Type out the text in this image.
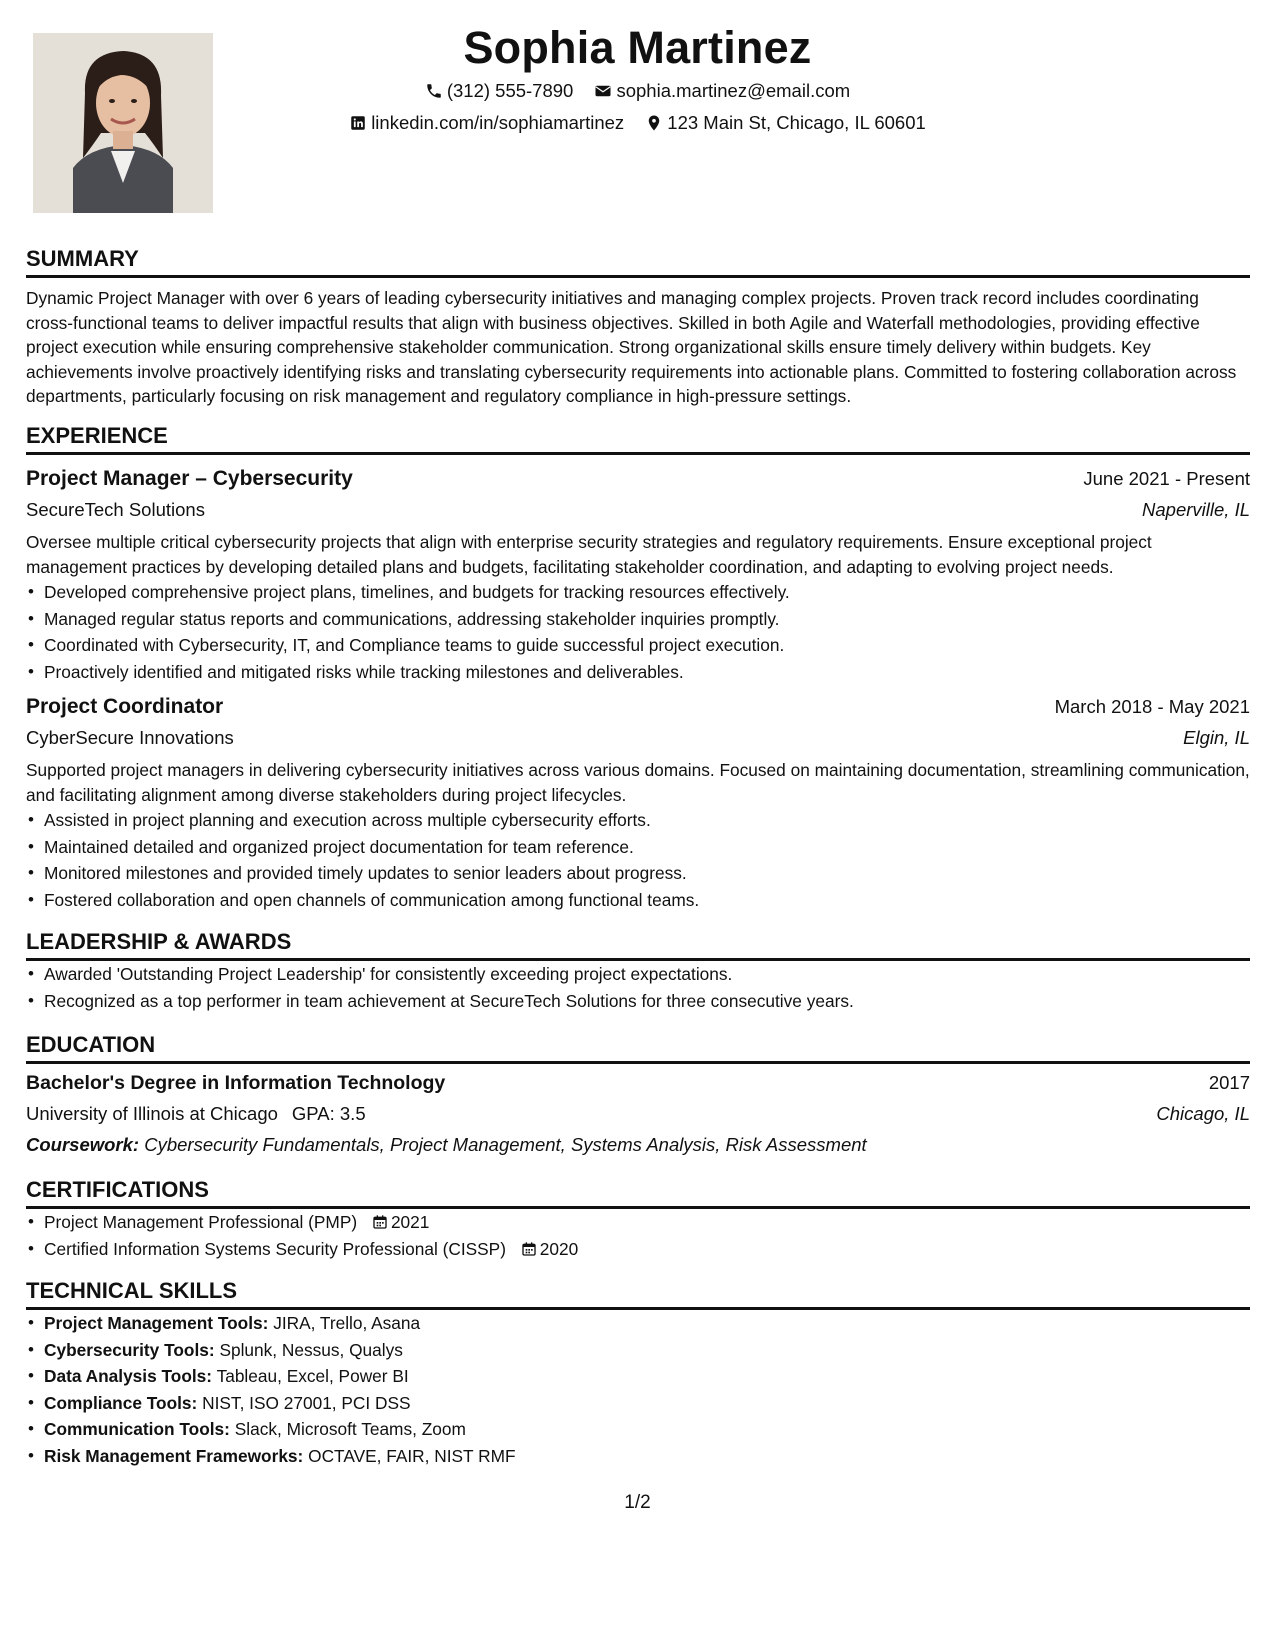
Sophia Martinez
(312) 555-7890
sophia.martinez@email.com
linkedin.com/in/sophiamartinez
123 Main St, Chicago, IL 60601
SUMMARY

Dynamic Project Manager with over 6 years of leading cybersecurity initiatives and managing complex projects. Proven track record includes coordinating cross-functional teams to deliver impactful results that align with business objectives. Skilled in both Agile and Waterfall methodologies, providing effective project execution while ensuring comprehensive stakeholder communication. Strong organizational skills ensure timely delivery within budgets. Key achievements involve proactively identifying risks and translating cybersecurity requirements into actionable plans. Committed to fostering collaboration across departments, particularly focusing on risk management and regulatory compliance in high-pressure settings.

EXPERIENCE
Project Manager – Cybersecurity	June 2021 - Present
SecureTech Solutions	Naperville, IL

Oversee multiple critical cybersecurity projects that align with enterprise security strategies and regulatory requirements. Ensure exceptional project management practices by developing detailed plans and budgets, facilitating stakeholder coordination, and adapting to evolving project needs.

• Developed comprehensive project plans, timelines, and budgets for tracking resources effectively.
• Managed regular status reports and communications, addressing stakeholder inquiries promptly.
• Coordinated with Cybersecurity, IT, and Compliance teams to guide successful project execution.
• Proactively identified and mitigated risks while tracking milestones and deliverables.
Project Coordinator	March 2018 - May 2021
CyberSecure Innovations	Elgin, IL

Supported project managers in delivering cybersecurity initiatives across various domains. Focused on maintaining documentation, streamlining communication, and facilitating alignment among diverse stakeholders during project lifecycles.

• Assisted in project planning and execution across multiple cybersecurity efforts.
• Maintained detailed and organized project documentation for team reference.
• Monitored milestones and provided timely updates to senior leaders about progress.
• Fostered collaboration and open channels of communication among functional teams.
LEADERSHIP & AWARDS
• Awarded 'Outstanding Project Leadership' for consistently exceeding project expectations.
• Recognized as a top performer in team achievement at SecureTech Solutions for three consecutive years.
EDUCATION
Bachelor's Degree in Information Technology	2017
University of Illinois at Chicago GPA: 3.5	Chicago, IL
Coursework: Cybersecurity Fundamentals, Project Management, Systems Analysis, Risk Assessment
CERTIFICATIONS
• Project Management Professional (PMP) 2021
• Certified Information Systems Security Professional (CISSP) 2020
TECHNICAL SKILLS
• Project Management Tools: JIRA, Trello, Asana
• Cybersecurity Tools: Splunk, Nessus, Qualys
• Data Analysis Tools: Tableau, Excel, Power BI
• Compliance Tools: NIST, ISO 27001, PCI DSS
• Communication Tools: Slack, Microsoft Teams, Zoom
• Risk Management Frameworks: OCTAVE, FAIR, NIST RMF
1/2
